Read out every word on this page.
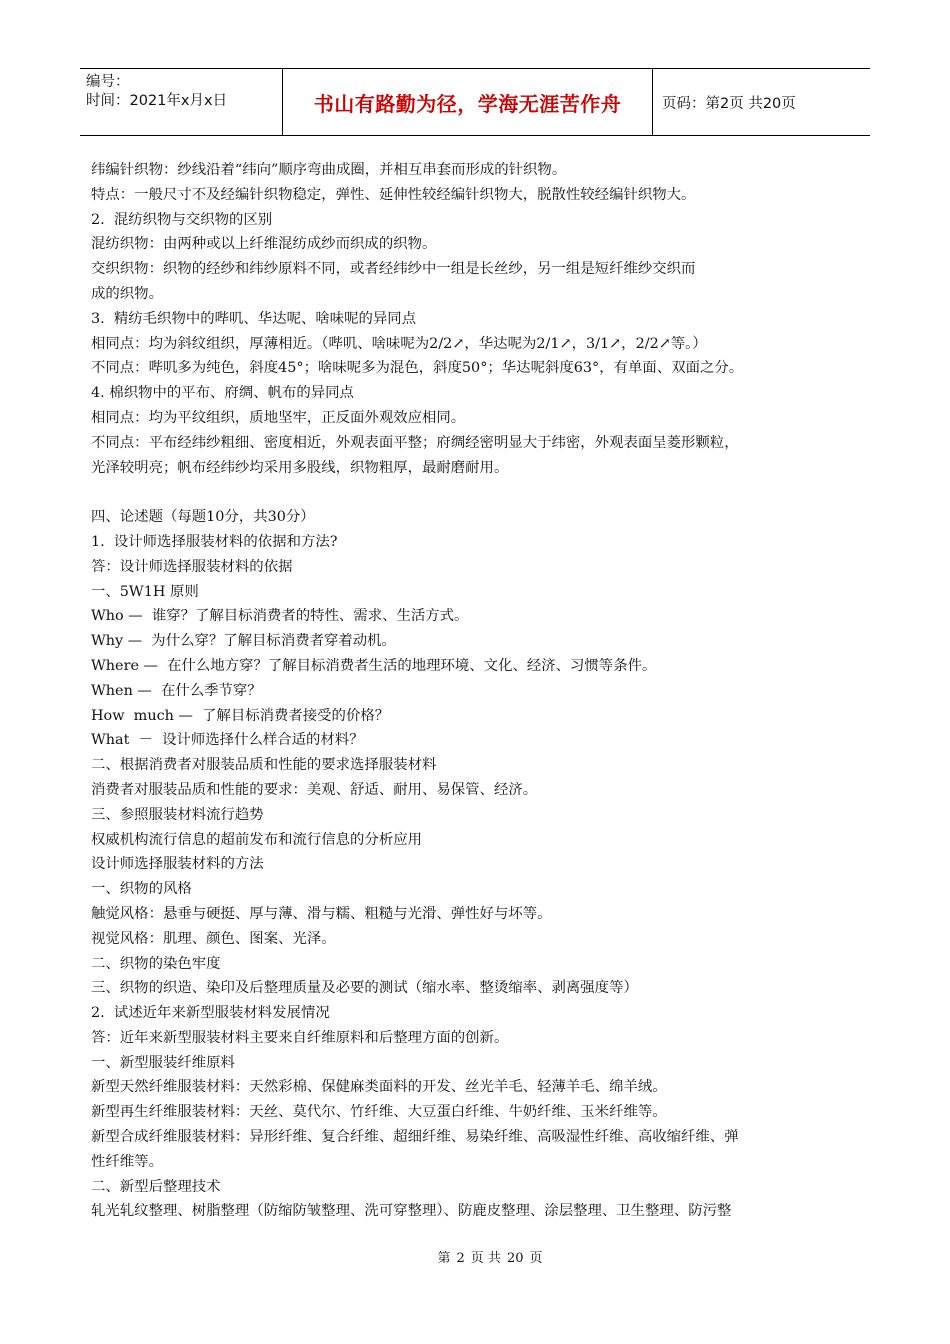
编号：
时间：2021年x月x日	书山有路勤为径，学海无涯苦作舟	页码：第2页 共20页
纬编针织物：纱线沿着“纬向”顺序弯曲成圈，并相互串套而形成的针织物。
特点：一般尺寸不及经编针织物稳定，弹性、延伸性较经编针织物大，脱散性较经编针织物大。
2.  混纺织物与交织物的区别
混纺织物：由两种或以上纤维混纺成纱而织成的织物。
交织织物：织物的经纱和纬纱原料不同，或者经纬纱中一组是长丝纱，另一组是短纤维纱交织而
成的织物。
3.  精纺毛织物中的哔叽、华达呢、啥味呢的异同点
相同点：均为斜纹组织，厚薄相近。（哔叽、啥味呢为2/2↗，华达呢为2/1↗，3/1↗，2/2↗等。）
不同点：哔叽多为纯色，斜度45°；啥味呢多为混色，斜度50°；华达呢斜度63°，有单面、双面之分。
4. 棉织物中的平布、府绸、帆布的异同点
相同点：均为平纹组织，质地坚牢，正反面外观效应相同。
不同点：平布经纬纱粗细、密度相近，外观表面平整；府绸经密明显大于纬密，外观表面呈菱形颗粒，
光泽较明亮；帆布经纬纱均采用多股线，织物粗厚，最耐磨耐用。
四、论述题（每题10分，共30分）
1.  设计师选择服装材料的依据和方法?
答：设计师选择服装材料的依据
一、5W1H 原则
Who —  谁穿？了解目标消费者的特性、需求、生活方式。
Why —  为什么穿？了解目标消费者穿着动机。
Where —  在什么地方穿？了解目标消费者生活的地理环境、文化、经济、习惯等条件。
When —  在什么季节穿？
How  much —  了解目标消费者接受的价格？
What  －  设计师选择什么样合适的材料？
二、根据消费者对服装品质和性能的要求选择服装材料
消费者对服装品质和性能的要求：美观、舒适、耐用、易保管、经济。
三、参照服装材料流行趋势
权威机构流行信息的超前发布和流行信息的分析应用
设计师选择服装材料的方法
一、织物的风格
触觉风格：悬垂与硬挺、厚与薄、滑与糯、粗糙与光滑、弹性好与坏等。
视觉风格：肌理、颜色、图案、光泽。
二、织物的染色牢度
三、织物的织造、染印及后整理质量及必要的测试（缩水率、整烫缩率、剥离强度等）
2.  试述近年来新型服装材料发展情况
答：近年来新型服装材料主要来自纤维原料和后整理方面的创新。
一、新型服装纤维原料
新型天然纤维服装材料：天然彩棉、保健麻类面料的开发、丝光羊毛、轻薄羊毛、绵羊绒。
新型再生纤维服装材料：天丝、莫代尔、竹纤维、大豆蛋白纤维、牛奶纤维、玉米纤维等。
新型合成纤维服装材料：异形纤维、复合纤维、超细纤维、易染纤维、高吸湿性纤维、高收缩纤维、弹
性纤维等。
二、新型后整理技术
轧光轧纹整理、树脂整理（防缩防皱整理、洗可穿整理）、防鹿皮整理、涂层整理、卫生整理、防污整
第 2 页 共 20 页
